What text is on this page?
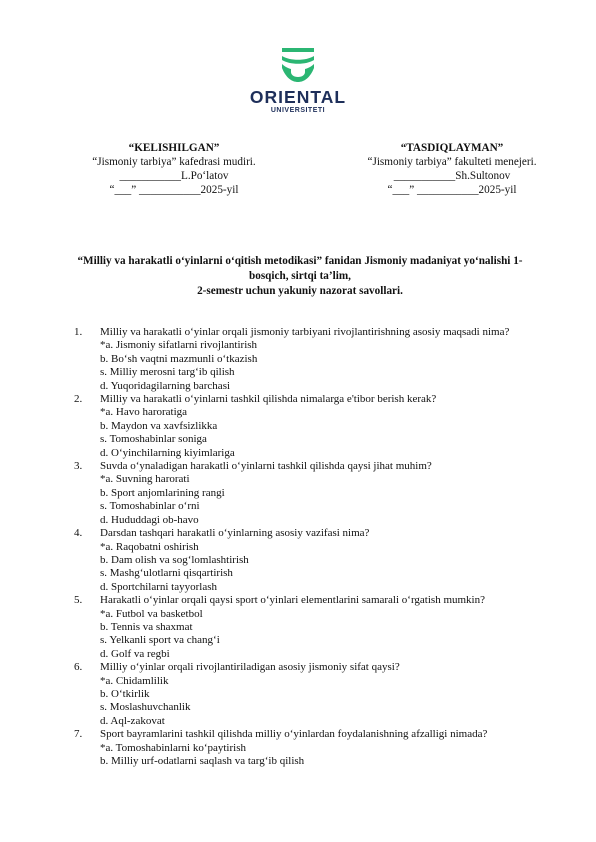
ORIENTAL
UNIVERSITETI
“KELISHILGAN”
“Jismoniy tarbiya” kafedrasi mudiri.
___________L.Po‘latov
“___” ___________2025-yil
“TASDIQLAYMAN”
“Jismoniy tarbiya” fakulteti menejeri.
___________Sh.Sultonov
“___” ___________2025-yil
“Milliy va harakatli o‘yinlarni o‘qitish metodikasi” fanidan Jismoniy madaniyat yo‘nalishi 1-
bosqich, sirtqi ta’lim,
2-semestr uchun yakuniy nazorat savollari.
1. Milliy va harakatli o‘yinlar orqali jismoniy tarbiyani rivojlantirishning asosiy maqsadi nima?
*a. Jismoniy sifatlarni rivojlantirish
b. Bo‘sh vaqtni mazmunli o‘tkazish
s. Milliy merosni targ‘ib qilish
d. Yuqoridagilarning barchasi
2. Milliy va harakatli o‘yinlarni tashkil qilishda nimalarga e'tibor berish kerak?
*a. Havo haroratiga
b. Maydon va xavfsizlikka
s. Tomoshabinlar soniga
d. O‘yinchilarning kiyimlariga
3. Suvda o‘ynaladigan harakatli o‘yinlarni tashkil qilishda qaysi jihat muhim?
*a. Suvning harorati
b. Sport anjomlarining rangi
s. Tomoshabinlar o‘rni
d. Hududdagi ob-havo
4. Darsdan tashqari harakatli o‘yinlarning asosiy vazifasi nima?
*a. Raqobatni oshirish
b. Dam olish va sog‘lomlashtirish
s. Mashg‘ulotlarni qisqartirish
d. Sportchilarni tayyorlash
5. Harakatli o‘yinlar orqali qaysi sport o‘yinlari elementlarini samarali o‘rgatish mumkin?
*a. Futbol va basketbol
b. Tennis va shaxmat
s. Yelkanli sport va chang‘i
d. Golf va regbi
6. Milliy o‘yinlar orqali rivojlantiriladigan asosiy jismoniy sifat qaysi?
*a. Chidamlilik
b. O‘tkirlik
s. Moslashuvchanlik
d. Aql-zakovat
7. Sport bayramlarini tashkil qilishda milliy o‘yinlardan foydalanishning afzalligi nimada?
*a. Tomoshabinlarni ko‘paytirish
b. Milliy urf-odatlarni saqlash va targ‘ib qilish
